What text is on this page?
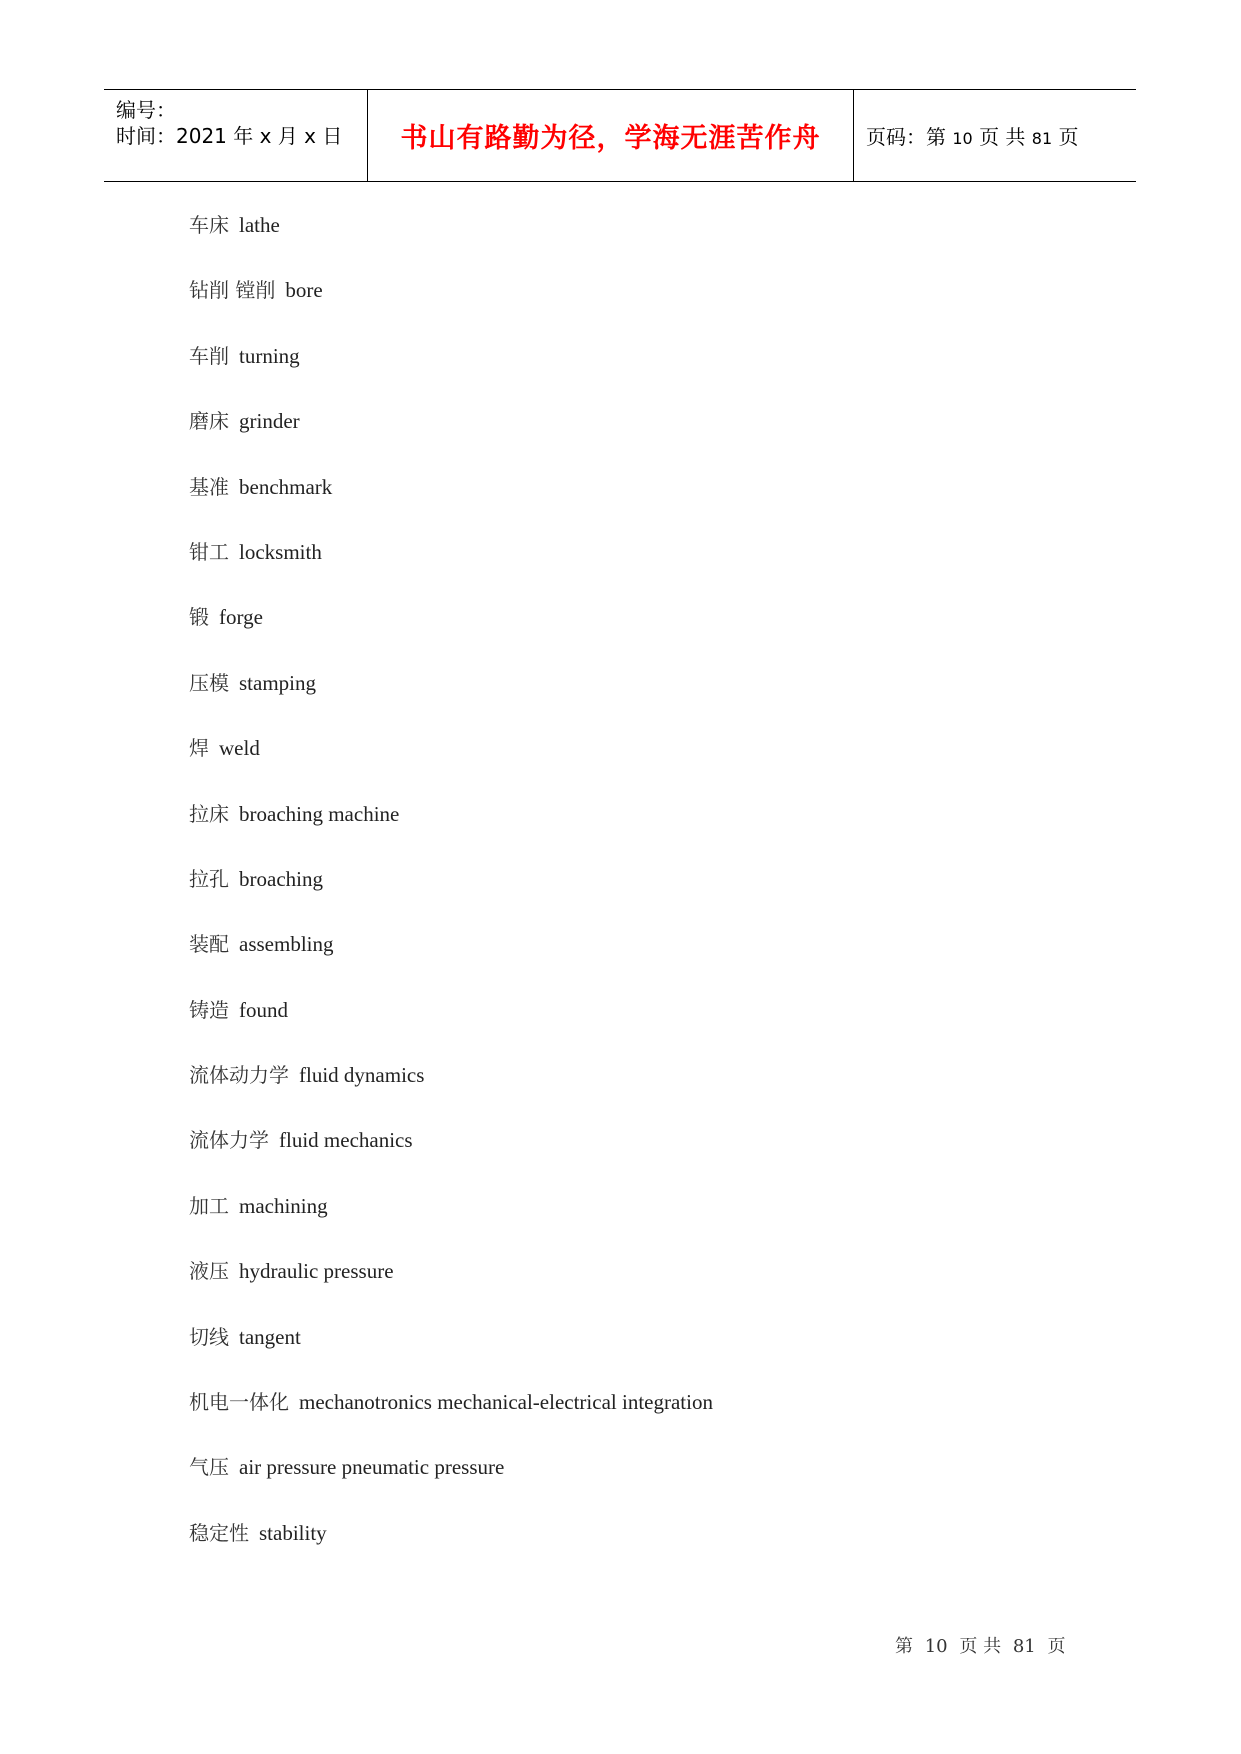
编号：
时间：2021 年 x 月 x 日 书山有路勤为径，学海无涯苦作舟 页码：第 10 页 共 81 页
车床 lathe
钻削 镗削 bore
车削 turning
磨床 grinder
基准 benchmark
钳工 locksmith
锻 forge
压模 stamping
焊 weld
拉床 broaching machine
拉孔 broaching
装配 assembling
铸造 found
流体动力学 fluid dynamics
流体力学 fluid mechanics
加工 machining
液压 hydraulic pressure
切线 tangent
机电一体化 mechanotronics mechanical-electrical integration
气压 air pressure pneumatic pressure
稳定性 stability
第 10 页 共 81 页
